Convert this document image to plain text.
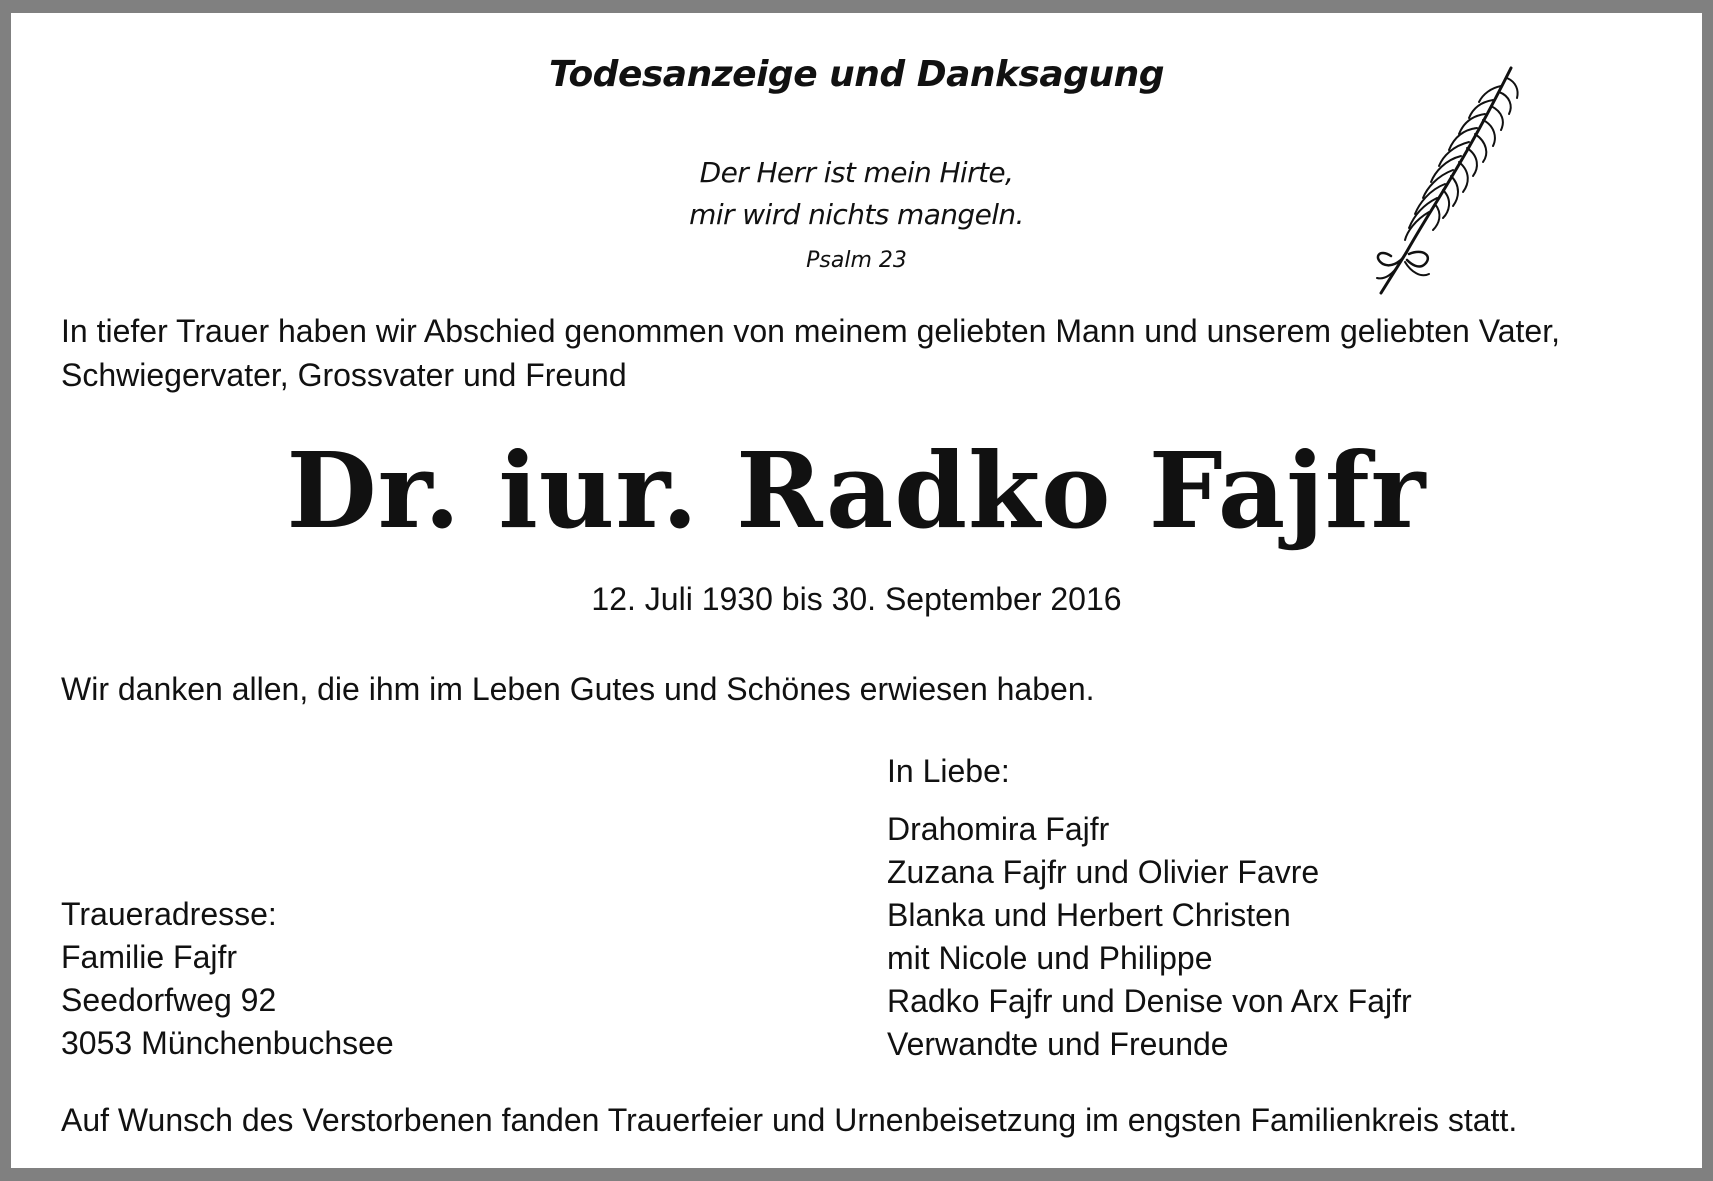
Todesanzeige und Danksagung

Der Herr ist mein Hirte,

mir wird nichts mangeln.

Psalm 23

In tiefer Trauer haben wir Abschied genommen von meinem geliebten Mann und unserem geliebten Vater,
Schwiegervater, Grossvater und Freund

Dr. iur. Radko Fajfr

12. Juli 1930 bis 30. September 2016

Wir danken allen, die ihm im Leben Gutes und Schönes erwiesen haben.

In Liebe:
Drahomira Fajfr
Zuzana Fajfr und Olivier Favre
Blanka und Herbert Christen
mit Nicole und Philippe
Radko Fajfr und Denise von Arx Fajfr
Verwandte und Freunde
Traueradresse:
Familie Fajfr
Seedorfweg 92
3053 Münchenbuchsee

Auf Wunsch des Verstorbenen fanden Trauerfeier und Urnenbeisetzung im engsten Familienkreis statt.
